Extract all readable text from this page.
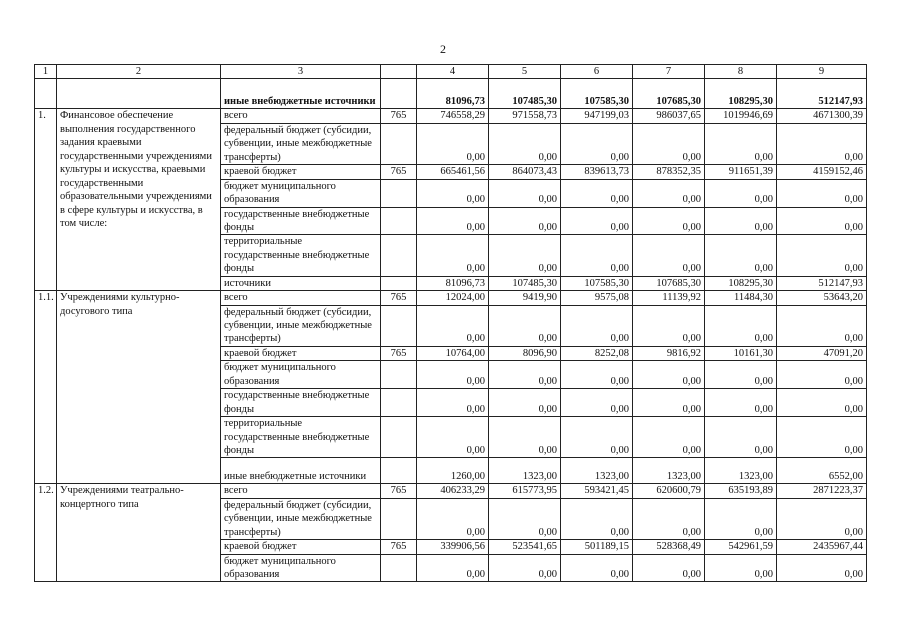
2
1	2	3		4	5	6	7	8	9
		иные внебюджетные источники		81096,73	107485,30	107585,30	107685,30	108295,30	512147,93
1.	Финансовое обеспечение выполнения государственного задания краевыми государственными учреждениями культуры и искусства, краевыми государственными образовательными учреждениями в сфере культуры и искусства, в том числе:	всего	765	746558,29	971558,73	947199,03	986037,65	1019946,69	4671300,39
		федеральный бюджет (субсидии, субвенции, иные межбюджетные трансферты)		0,00	0,00	0,00	0,00	0,00	0,00
		краевой бюджет	765	665461,56	864073,43	839613,73	878352,35	911651,39	4159152,46
		бюджет муниципального образования		0,00	0,00	0,00	0,00	0,00	0,00
		государственные внебюджетные фонды		0,00	0,00	0,00	0,00	0,00	0,00
		территориальные государственные внебюджетные фонды		0,00	0,00	0,00	0,00	0,00	0,00
		источники		81096,73	107485,30	107585,30	107685,30	108295,30	512147,93
1.1.	Учреждениями культурно-досугового типа	всего	765	12024,00	9419,90	9575,08	11139,92	11484,30	53643,20
		федеральный бюджет (субсидии, субвенции, иные межбюджетные трансферты)		0,00	0,00	0,00	0,00	0,00	0,00
		краевой бюджет	765	10764,00	8096,90	8252,08	9816,92	10161,30	47091,20
		бюджет муниципального образования		0,00	0,00	0,00	0,00	0,00	0,00
		государственные внебюджетные фонды		0,00	0,00	0,00	0,00	0,00	0,00
		территориальные государственные внебюджетные фонды		0,00	0,00	0,00	0,00	0,00	0,00
		иные внебюджетные источники		1260,00	1323,00	1323,00	1323,00	1323,00	6552,00
1.2.	Учреждениями театрально-концертного типа	всего	765	406233,29	615773,95	593421,45	620600,79	635193,89	2871223,37
		федеральный бюджет (субсидии, субвенции, иные межбюджетные трансферты)		0,00	0,00	0,00	0,00	0,00	0,00
		краевой бюджет	765	339906,56	523541,65	501189,15	528368,49	542961,59	2435967,44
		бюджет муниципального образования		0,00	0,00	0,00	0,00	0,00	0,00
